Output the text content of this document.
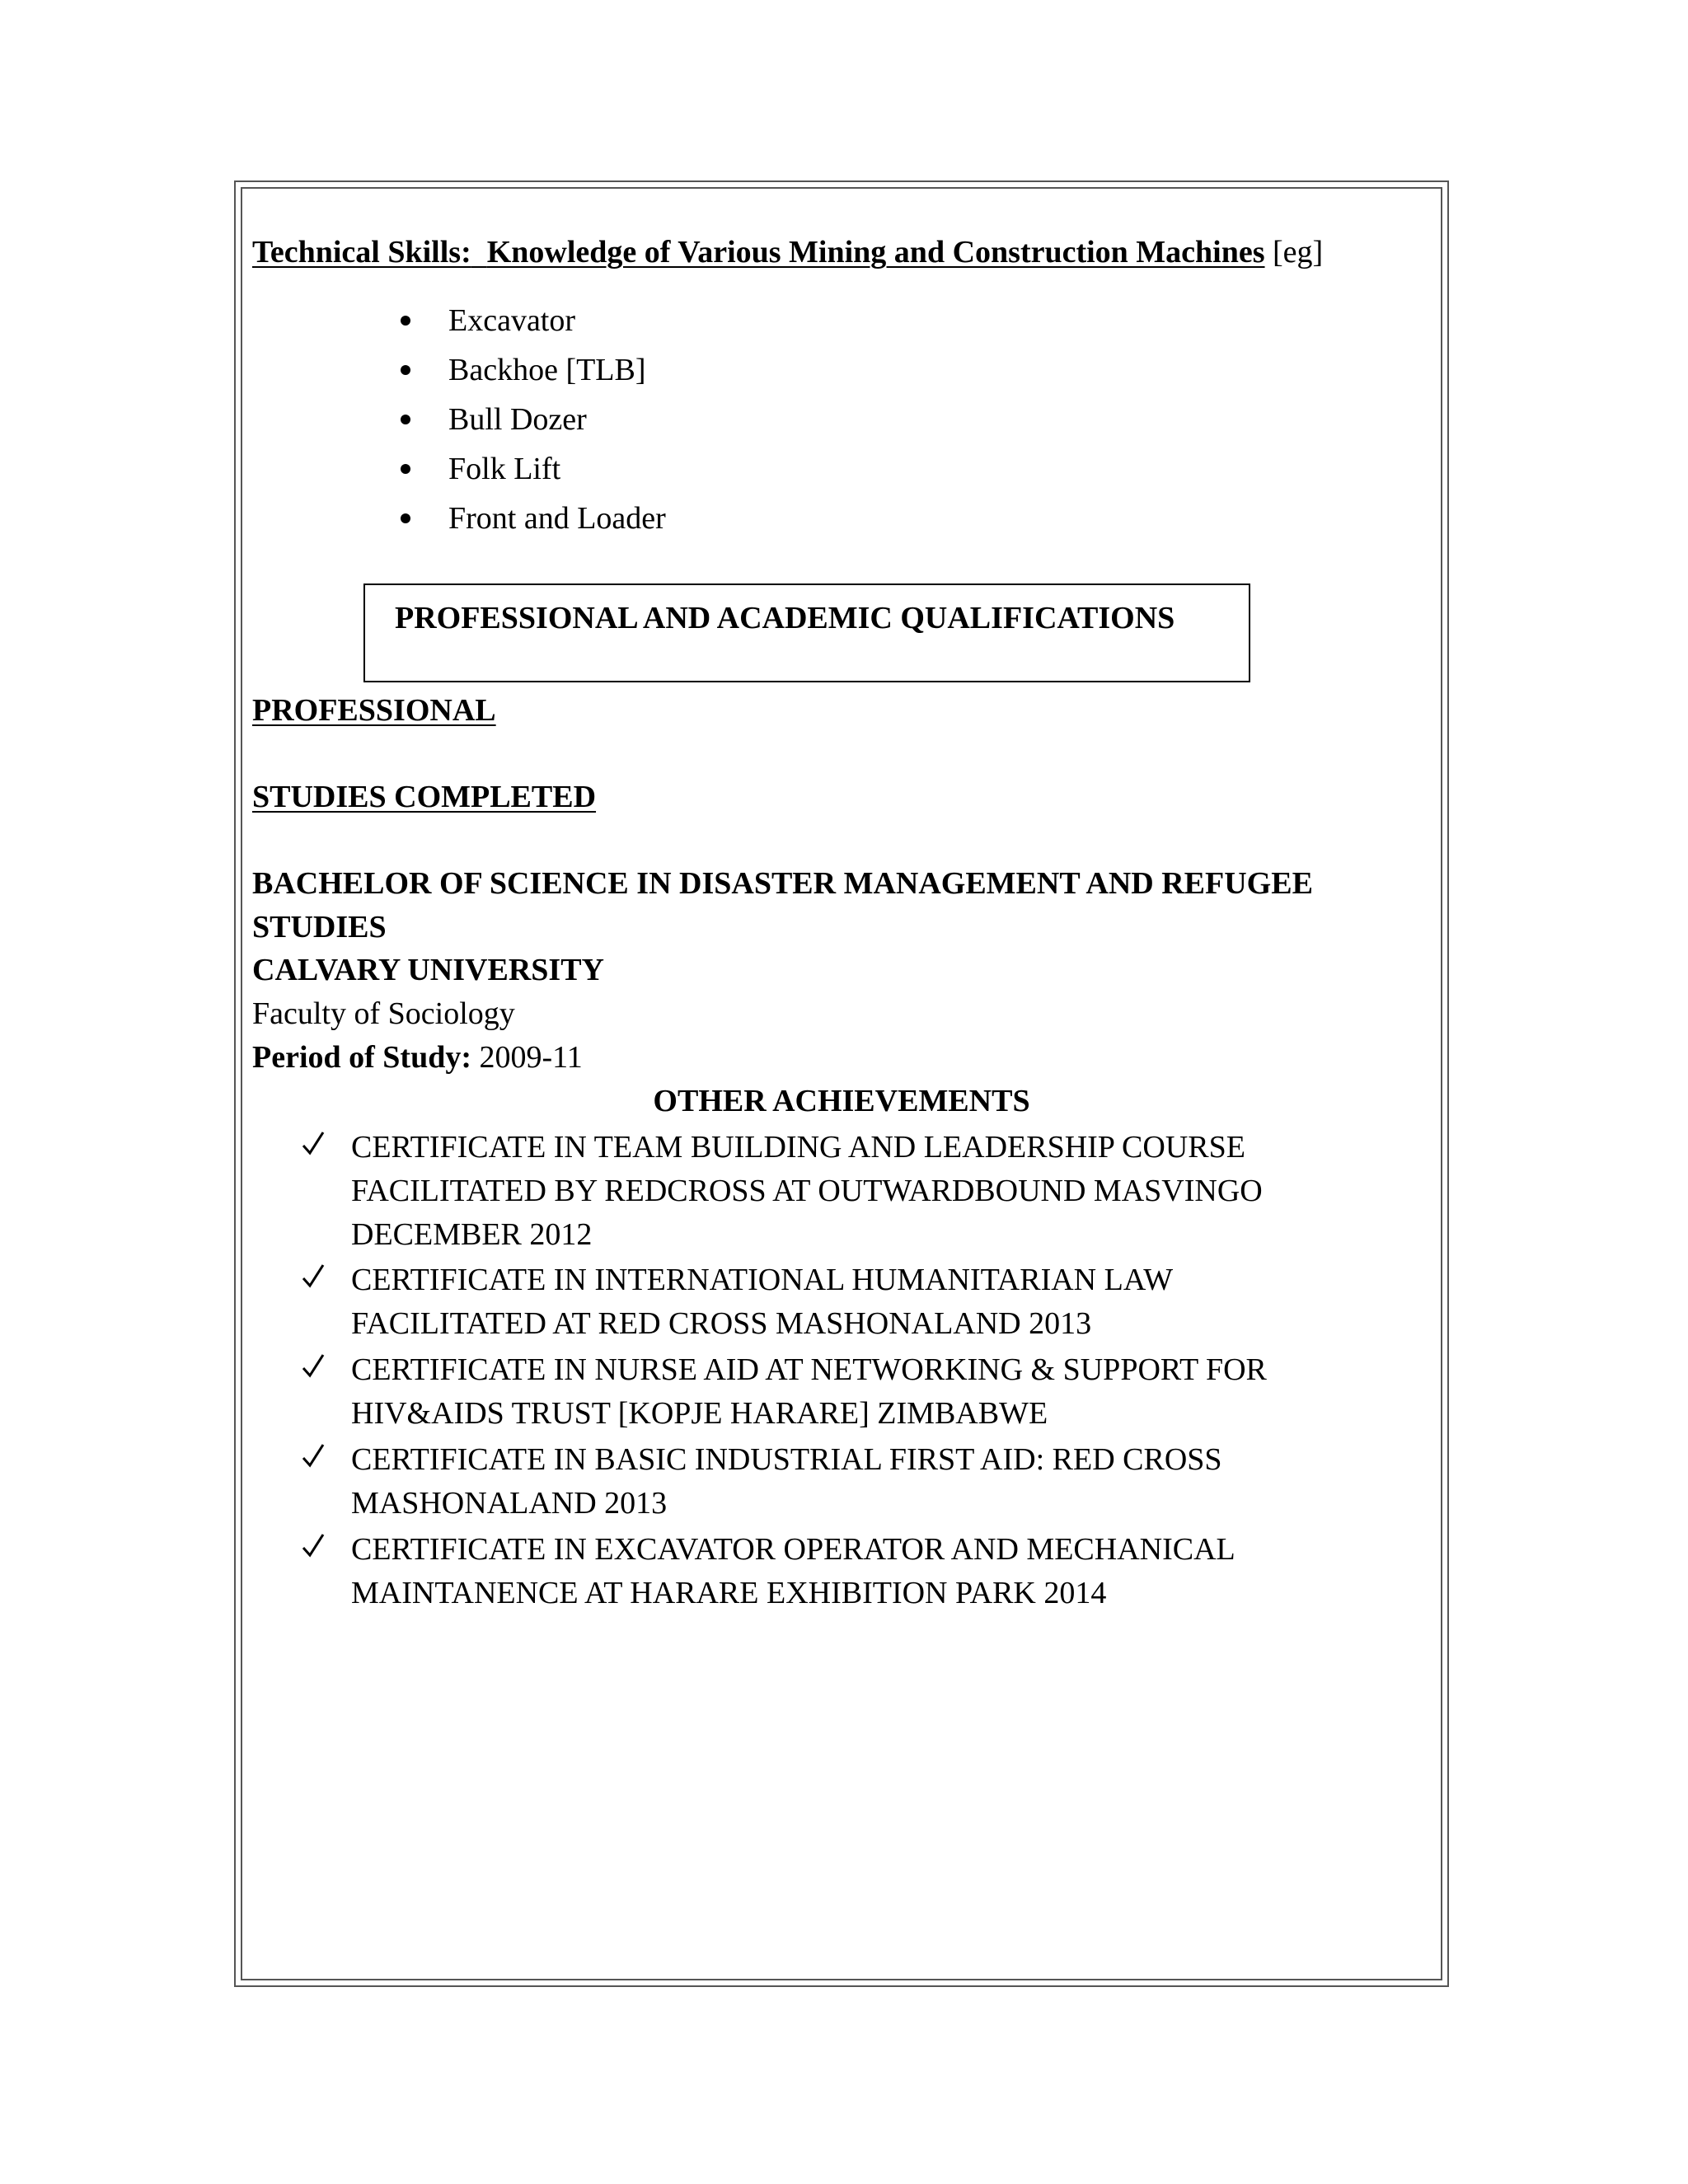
Technical Skills: Knowledge of Various Mining and Construction Machines [eg]
Excavator
Backhoe [TLB]
Bull Dozer
Folk Lift
Front and Loader
PROFESSIONAL AND ACADEMIC QUALIFICATIONS
PROFESSIONAL
STUDIES COMPLETED
BACHELOR OF SCIENCE IN DISASTER MANAGEMENT AND REFUGEE
STUDIES
CALVARY UNIVERSITY
Faculty of Sociology
Period of Study: 2009-11
OTHER ACHIEVEMENTS
CERTIFICATE IN TEAM BUILDING AND LEADERSHIP COURSE
FACILITATED BY REDCROSS AT OUTWARDBOUND MASVINGO
DECEMBER 2012
CERTIFICATE IN INTERNATIONAL HUMANITARIAN LAW
FACILITATED AT RED CROSS MASHONALAND 2013
CERTIFICATE IN NURSE AID AT NETWORKING & SUPPORT FOR
HIV&AIDS TRUST [KOPJE HARARE] ZIMBABWE
CERTIFICATE IN BASIC INDUSTRIAL FIRST AID: RED CROSS
MASHONALAND 2013
CERTIFICATE IN EXCAVATOR OPERATOR AND MECHANICAL
MAINTANENCE AT HARARE EXHIBITION PARK 2014
